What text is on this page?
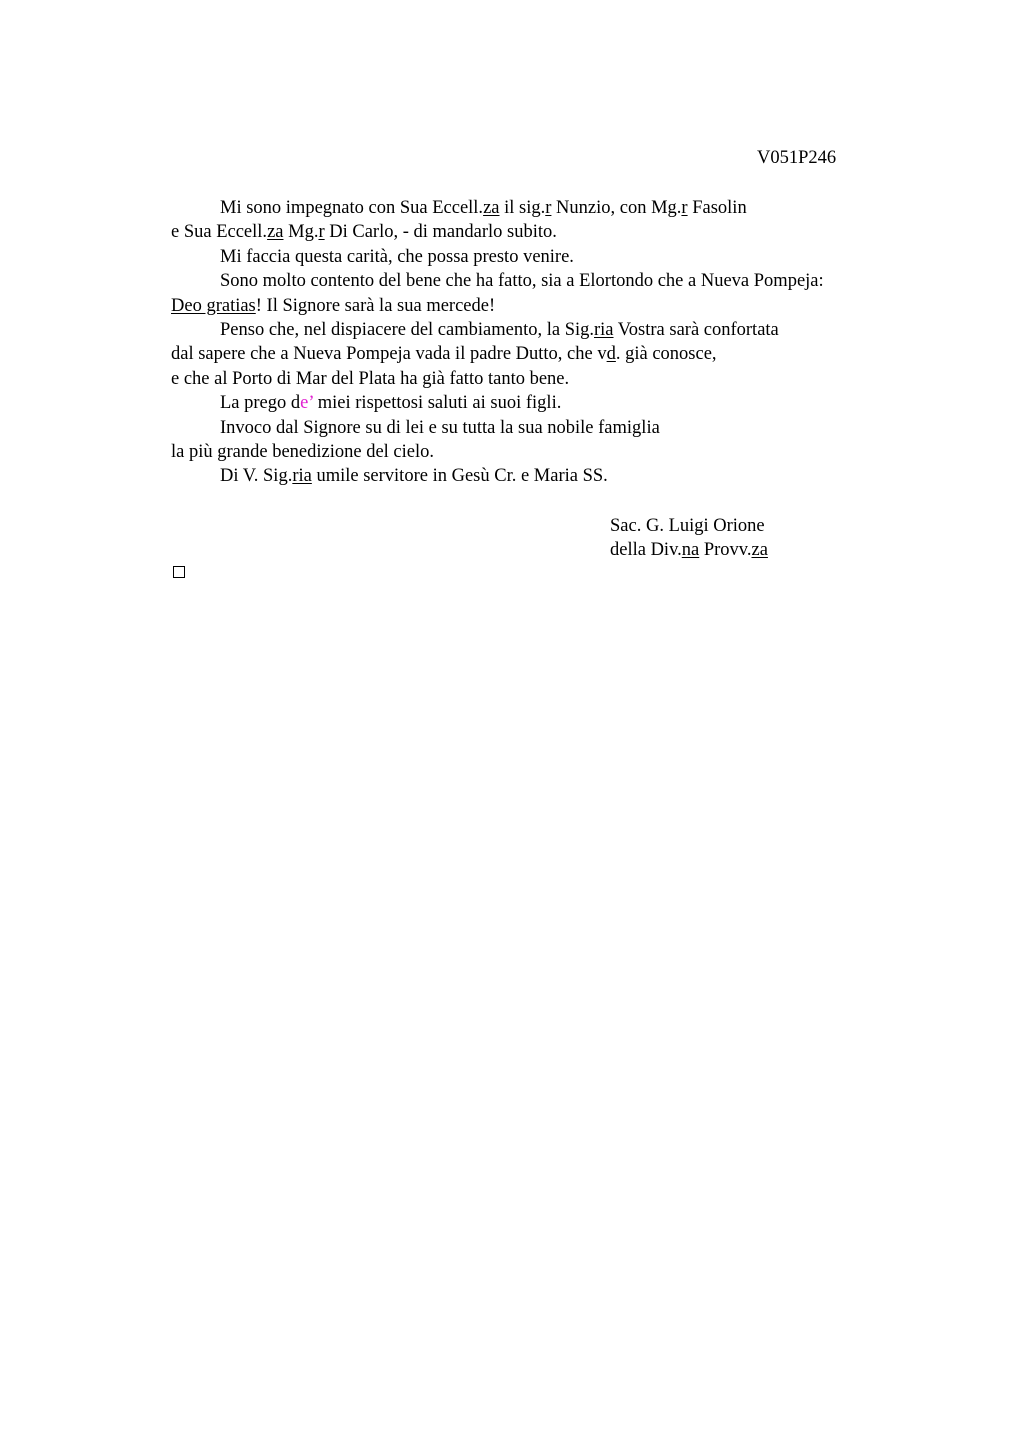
V051P246
Mi sono impegnato con Sua Eccell.za il sig.r Nunzio, con Mg.r Fasolin
e Sua Eccell.za Mg.r Di Carlo, - di mandarlo subito.
Mi faccia questa carità, che possa presto venire.
Sono molto contento del bene che ha fatto, sia a Elortondo che a Nueva Pompeja:
Deo gratias! Il Signore sarà la sua mercede!
Penso che, nel dispiacere del cambiamento, la Sig.ria Vostra sarà confortata
dal sapere che a Nueva Pompeja vada il padre Dutto, che vd. già conosce,
e che al Porto di Mar del Plata ha già fatto tanto bene.
La prego de’ miei rispettosi saluti ai suoi figli.
Invoco dal Signore su di lei e su tutta la sua nobile famiglia
la più grande benedizione del cielo.
Di V. Sig.ria umile servitore in Gesù Cr. e Maria SS.
Sac. G. Luigi Orione
della Div.na Provv.za
